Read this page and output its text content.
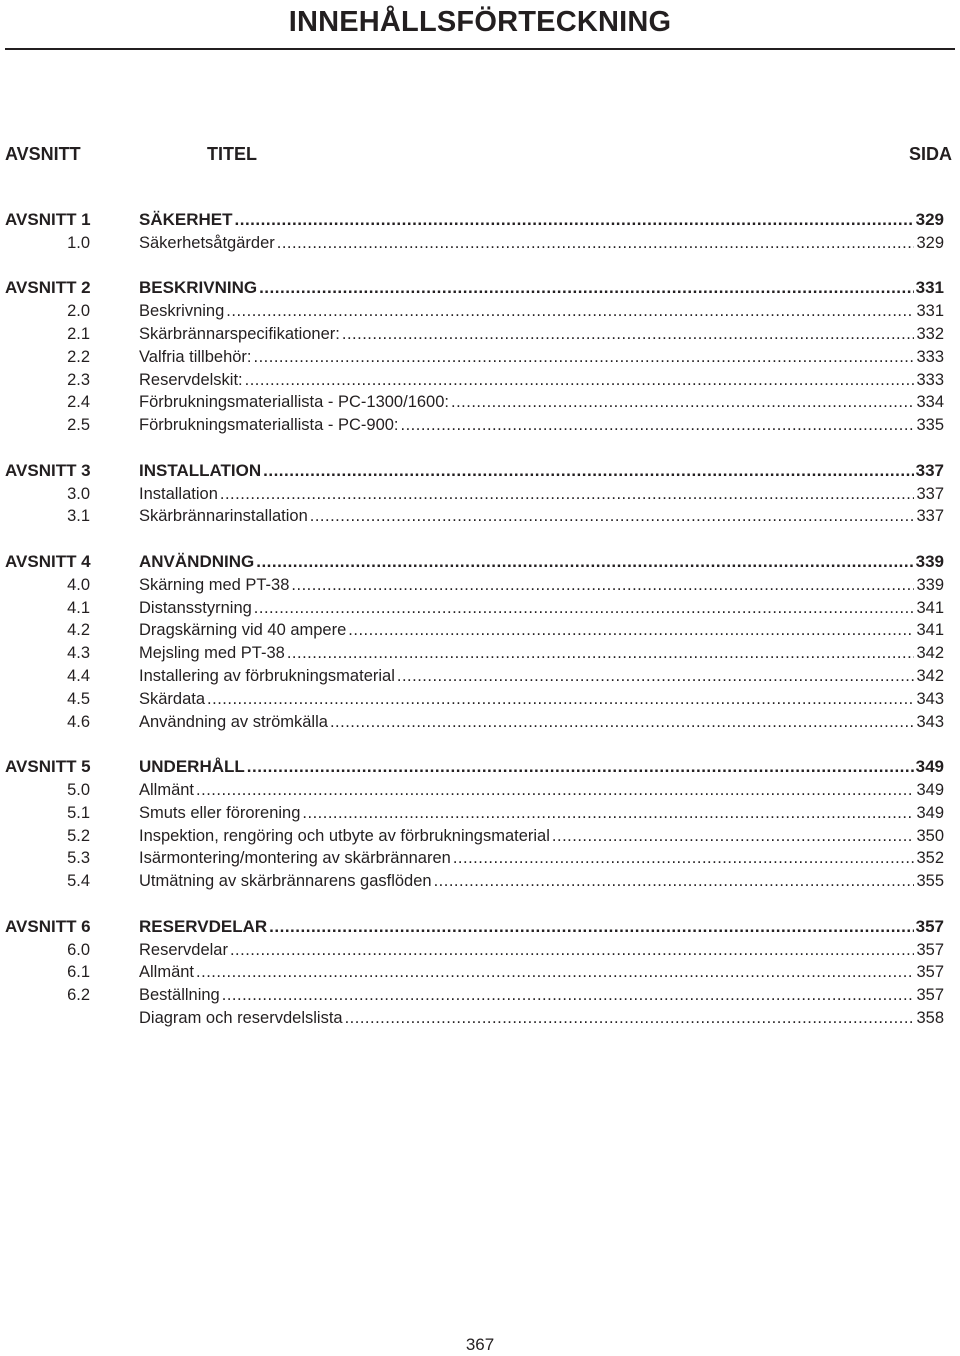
INNEHÅLLSFÖRTECKNING
AVSNITT	TITEL	SIDA
AVSNITT 1	SÄKERHET .....	329
1.0	Säkerhetsåtgärder .....	329
AVSNITT 2	BESKRIVNING .....	331
2.0	Beskrivning .....	331
2.1	Skärbrännarspecifikationer: .....	332
2.2	Valfria tillbehör: .....	333
2.3	Reservdelskit: .....	333
2.4	Förbrukningsmateriallista - PC-1300/1600: .....	334
2.5	Förbrukningsmateriallista - PC-900: .....	335
AVSNITT 3	INSTALLATION .....	337
3.0	Installation .....	337
3.1	Skärbrännarinstallation .....	337
AVSNITT 4	ANVÄNDNING .....	339
4.0	Skärning med PT-38 .....	339
4.1	Distansstyrning .....	341
4.2	Dragskärning vid 40 ampere .....	341
4.3	Mejsling med PT-38 .....	342
4.4	Installering av förbrukningsmaterial .....	342
4.5	Skärdata .....	343
4.6	Användning av strömkälla .....	343
AVSNITT 5	UNDERHÅLL .....	349
5.0	Allmänt .....	349
5.1	Smuts eller förorening .....	349
5.2	Inspektion, rengöring och utbyte av förbrukningsmaterial .....	350
5.3	Isärmontering/montering av skärbrännaren .....	352
5.4	Utmätning av skärbrännarens gasflöden .....	355
AVSNITT 6	RESERVDELAR .....	357
6.0	Reservdelar .....	357
6.1	Allmänt .....	357
6.2	Beställning .....	357
Diagram och reservdelslista .....	358
367
